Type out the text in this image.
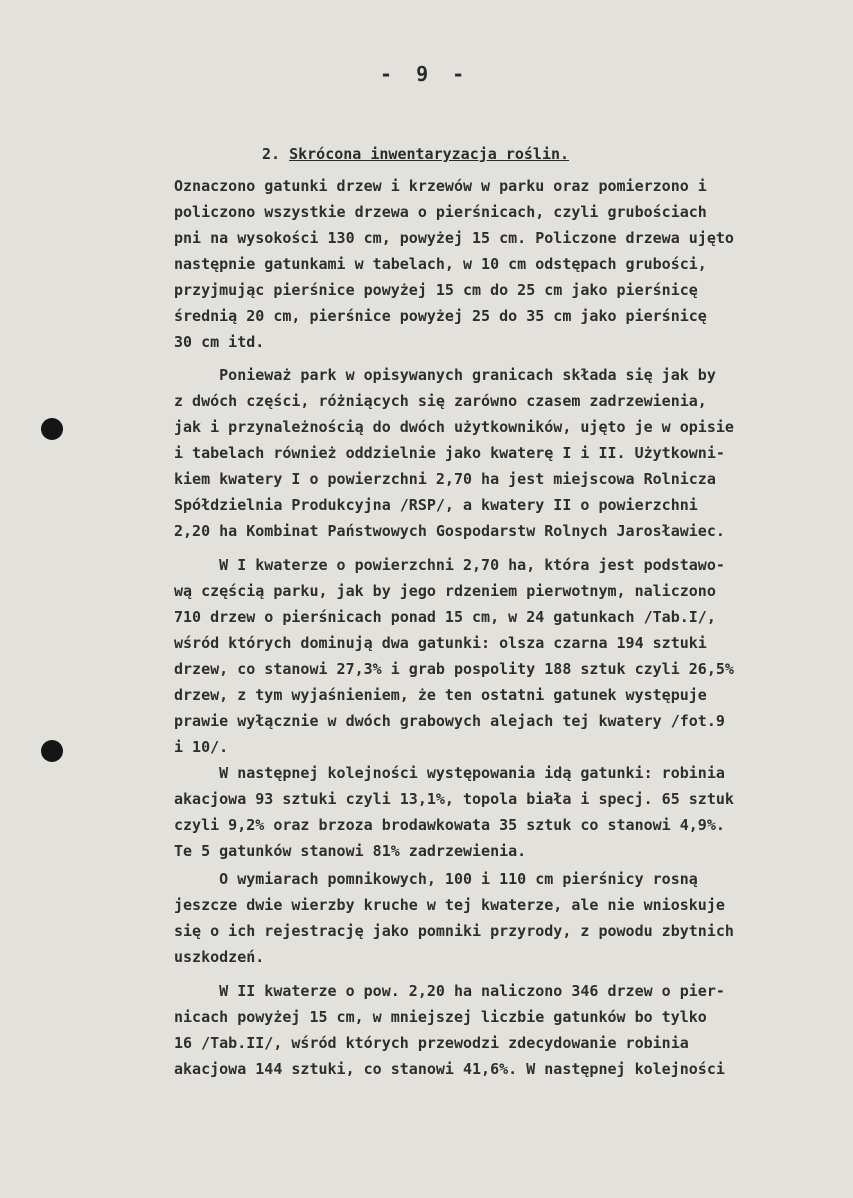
- 9 -
2. Skrócona inwentaryzacja roślin.
Oznaczono gatunki drzew i krzewów w parku oraz pomierzono i
policzono wszystkie drzewa o pierśnicach, czyli grubościach
pni na wysokości 130 cm, powyżej 15 cm. Policzone drzewa ujęto
następnie gatunkami w tabelach, w 10 cm odstępach grubości,
przyjmując pierśnice powyżej 15 cm do 25 cm jako pierśnicę
średnią 20 cm, pierśnice powyżej 25 do 35 cm jako pierśnicę
30 cm itd.
Ponieważ park w opisywanych granicach składa się jak by
z dwóch części, różniących się zarówno czasem zadrzewienia,
jak i przynależnością do dwóch użytkowników, ujęto je w opisie
i tabelach również oddzielnie jako kwaterę I i II. Użytkowni-
kiem kwatery I o powierzchni 2,70 ha jest miejscowa Rolnicza
Spółdzielnia Produkcyjna /RSP/, a kwatery II o powierzchni
2,20 ha Kombinat Państwowych Gospodarstw Rolnych Jarosławiec.
W I kwaterze o powierzchni 2,70 ha, która jest podstawo-
wą częścią parku, jak by jego rdzeniem pierwotnym, naliczono
710 drzew o pierśnicach ponad 15 cm, w 24 gatunkach /Tab.I/,
wśród których dominują dwa gatunki: olsza czarna 194 sztuki
drzew, co stanowi 27,3% i grab pospolity 188 sztuk czyli 26,5%
drzew, z tym wyjaśnieniem, że ten ostatni gatunek występuje
prawie wyłącznie w dwóch grabowych alejach tej kwatery /fot.9
i 10/.
W następnej kolejności występowania idą gatunki: robinia
akacjowa 93 sztuki czyli 13,1%, topola biała i specj. 65 sztuk
czyli 9,2% oraz brzoza brodawkowata 35 sztuk co stanowi 4,9%.
Te 5 gatunków stanowi 81% zadrzewienia.
O wymiarach pomnikowych, 100 i 110 cm pierśnicy rosną
jeszcze dwie wierzby kruche w tej kwaterze, ale nie wnioskuje
się o ich rejestrację jako pomniki przyrody, z powodu zbytnich
uszkodzeń.
W II kwaterze o pow. 2,20 ha naliczono 346 drzew o pier-
nicach powyżej 15 cm, w mniejszej liczbie gatunków bo tylko
16 /Tab.II/, wśród których przewodzi zdecydowanie robinia
akacjowa 144 sztuki, co stanowi 41,6%. W następnej kolejności
